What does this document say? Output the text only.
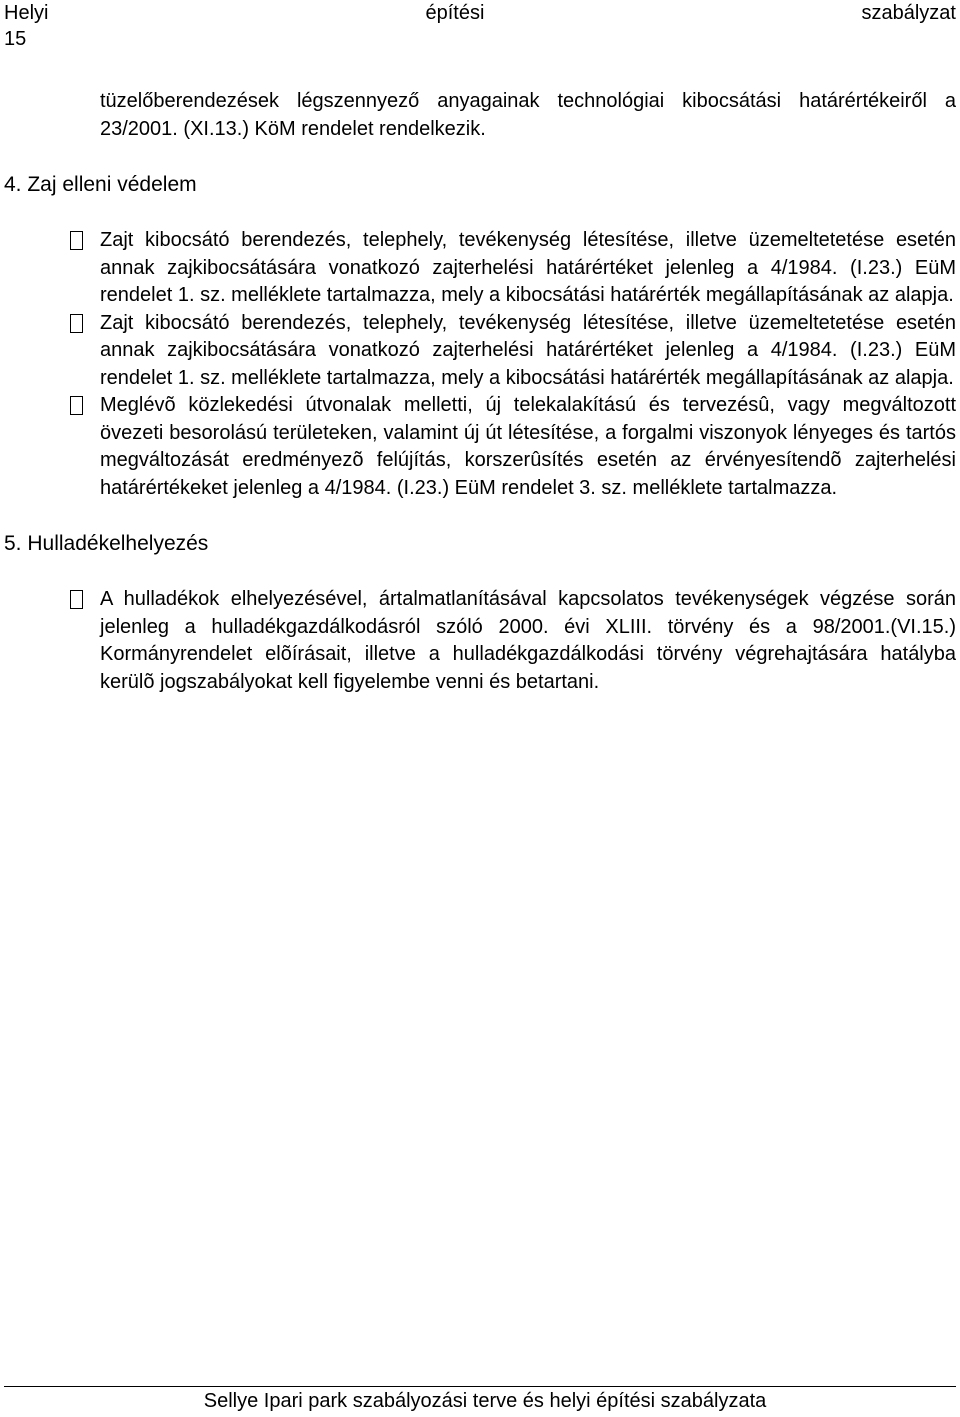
Helyi	építési	szabályzat
15

tüzelőberendezések légszennyező anyagainak technológiai kibocsátási határértékeiről a 23/2001. (XI.13.) KöM rendelet rendelkezik.

4. Zaj elleni védelem

Zajt kibocsátó berendezés, telephely, tevékenység létesítése, illetve üzemeltetetése esetén annak zajkibocsátására vonatkozó zajterhelési határértéket jelenleg a 4/1984. (I.23.) EüM rendelet 1. sz. melléklete tartalmazza, mely a kibocsátási határérték megállapításának az alapja.

Zajt kibocsátó berendezés, telephely, tevékenység létesítése, illetve üzemeltetetése esetén annak zajkibocsátására vonatkozó zajterhelési határértéket jelenleg a 4/1984. (I.23.) EüM rendelet 1. sz. melléklete tartalmazza, mely a kibocsátási határérték megállapításának az alapja.

Meglévõ közlekedési útvonalak melletti, új telekalakítású és tervezésû, vagy megváltozott övezeti besorolású területeken, valamint új út létesítése, a forgalmi viszonyok lényeges és tartós megváltozását eredményezõ felújítás, korszerûsítés esetén az érvényesítendõ zajterhelési határértékeket jelenleg a 4/1984. (I.23.) EüM rendelet 3. sz. melléklete tartalmazza.

5. Hulladékelhelyezés

A hulladékok elhelyezésével, ártalmatlanításával kapcsolatos tevékenységek végzése során jelenleg a hulladékgazdálkodásról szóló 2000. évi XLIII. törvény és a 98/2001.(VI.15.) Kormányrendelet elõírásait, illetve a hulladékgazdálkodási törvény végrehajtására hatályba kerülõ jogszabályokat kell figyelembe venni és betartani.

Sellye Ipari park szabályozási terve és helyi építési szabályzata
